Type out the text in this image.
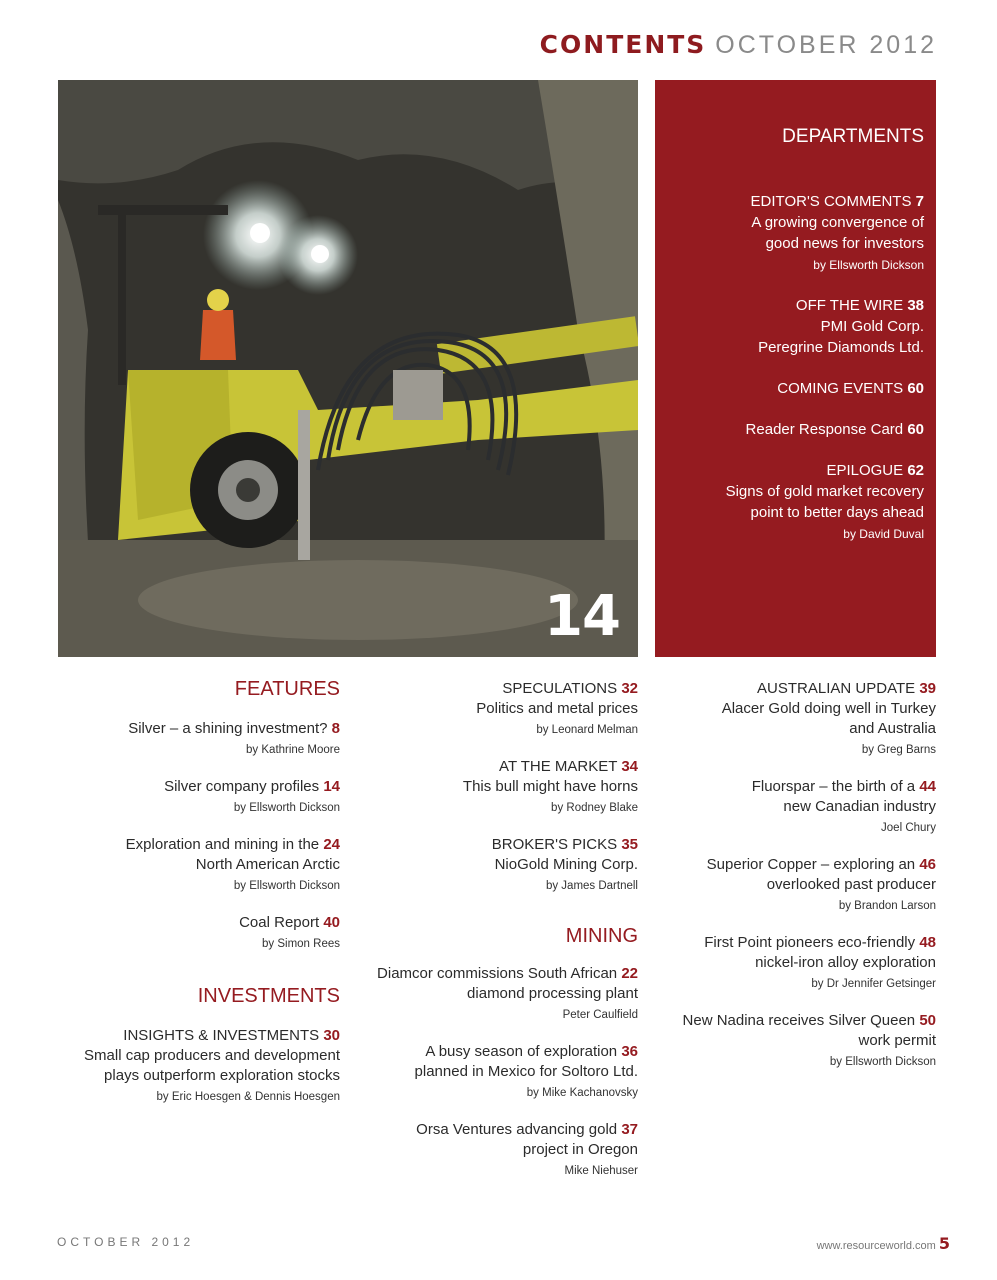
CONTENTS OCTOBER 2012
14
DEPARTMENTS
EDITOR'S COMMENTS 7
A growing convergence of
good news for investors
by Ellsworth Dickson
OFF THE WIRE 38
PMI Gold Corp.
Peregrine Diamonds Ltd.
COMING EVENTS 60
Reader Response Card 60
EPILOGUE 62
Signs of gold market recovery
point to better days ahead
by David Duval
FEATURES
Silver – a shining investment? 8
by Kathrine Moore
Silver company profiles 14
by Ellsworth Dickson
Exploration and mining in the 24
North American Arctic
by Ellsworth Dickson
Coal Report 40
by Simon Rees
INVESTMENTS
INSIGHTS & INVESTMENTS 30
Small cap producers and development
plays outperform exploration stocks
by Eric Hoesgen & Dennis Hoesgen
SPECULATIONS 32
Politics and metal prices
by Leonard Melman
AT THE MARKET 34
This bull might have horns
by Rodney Blake
BROKER'S PICKS 35
NioGold Mining Corp.
by James Dartnell
MINING
Diamcor commissions South African 22
diamond processing plant
Peter Caulfield
A busy season of exploration 36
planned in Mexico for Soltoro Ltd.
by Mike Kachanovsky
Orsa Ventures advancing gold 37
project in Oregon
Mike Niehuser
AUSTRALIAN UPDATE 39
Alacer Gold doing well in Turkey
and Australia
by Greg Barns
Fluorspar – the birth of a 44
new Canadian industry
Joel Chury
Superior Copper – exploring an 46
overlooked past producer
by Brandon Larson
First Point pioneers eco-friendly 48
nickel-iron alloy exploration
by Dr Jennifer Getsinger
New Nadina receives Silver Queen 50
work permit
by Ellsworth Dickson
OCTOBER 2012	www.resourceworld.com 5
